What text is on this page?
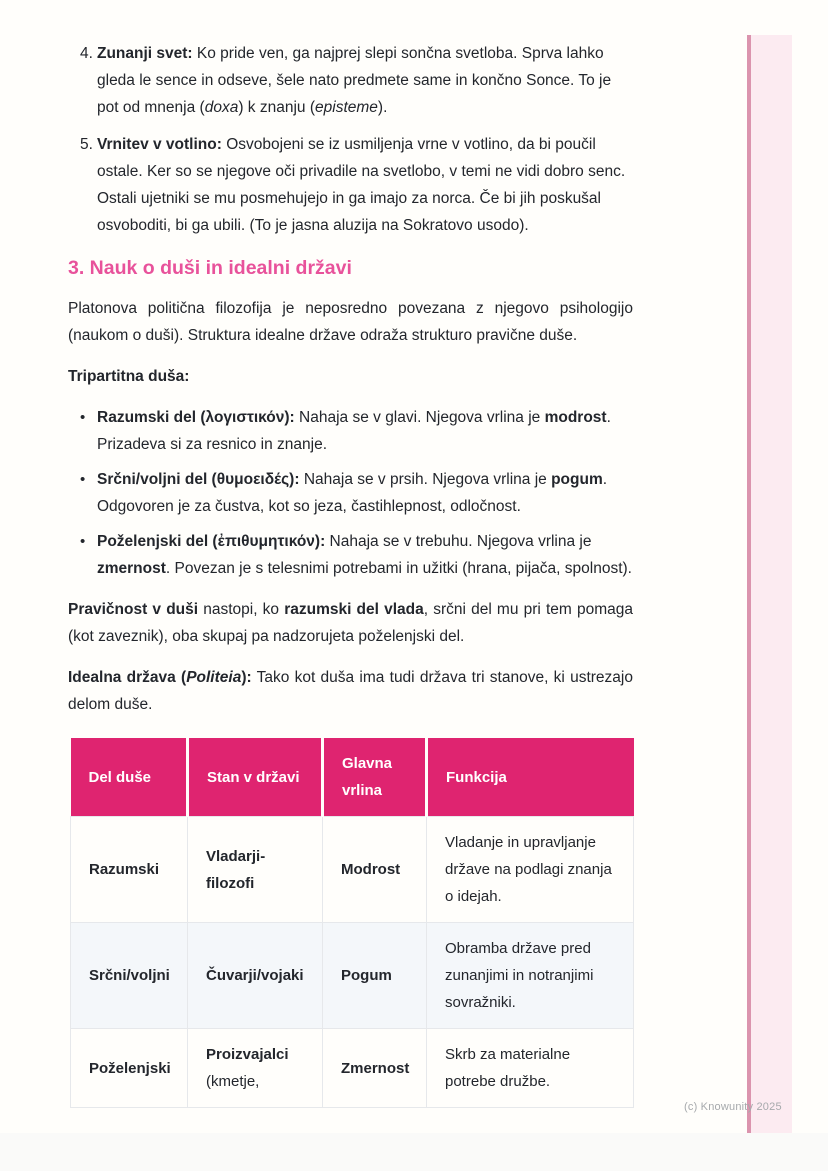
4. Zunanji svet: Ko pride ven, ga najprej slepi sončna svetloba. Sprva lahko gleda le sence in odseve, šele nato predmete same in končno Sonce. To je pot od mnenja (doxa) k znanju (episteme).
5. Vrnitev v votlino: Osvobojeni se iz usmiljenja vrne v votlino, da bi poučil ostale. Ker so se njegove oči privadile na svetlobo, v temi ne vidi dobro senc. Ostali ujetniki se mu posmehujejo in ga imajo za norca. Če bi jih poskušal osvoboditi, bi ga ubili. (To je jasna aluzija na Sokratovo usodo).
3. Nauk o duši in idealni državi

Platonova politična filozofija je neposredno povezana z njegovo psihologijo (naukom o duši). Struktura idealne države odraža strukturo pravične duše.

Tripartitna duša:

• Razumski del (λογιστικόν): Nahaja se v glavi. Njegova vrlina je modrost. Prizadeva si za resnico in znanje.
• Srčni/voljni del (θυμοειδές): Nahaja se v prsih. Njegova vrlina je pogum. Odgovoren je za čustva, kot so jeza, častihlepnost, odločnost.
• Poželenjski del (ἐπιθυμητικόν): Nahaja se v trebuhu. Njegova vrlina je zmernost. Povezan je s telesnimi potrebami in užitki (hrana, pijača, spolnost).

Pravičnost v duši nastopi, ko razumski del vlada, srčni del mu pri tem pomaga (kot zaveznik), oba skupaj pa nadzorujeta poželenjski del.

Idealna država (Politeia): Tako kot duša ima tudi država tri stanove, ki ustrezajo delom duše.

Del duše	Stan v državi	Glavna vrlina	Funkcija
Razumski	Vladarji-filozofi	Modrost	Vladanje in upravljanje države na podlagi znanja o idejah.
Srčni/voljni	Čuvarji/vojaki	Pogum	Obramba države pred zunanjimi in notranjimi sovražniki.
Poželenjski	Proizvajalci (kmetje,	Zmernost	Skrb za materialne potrebe družbe.
(c) Knowunity 2025
